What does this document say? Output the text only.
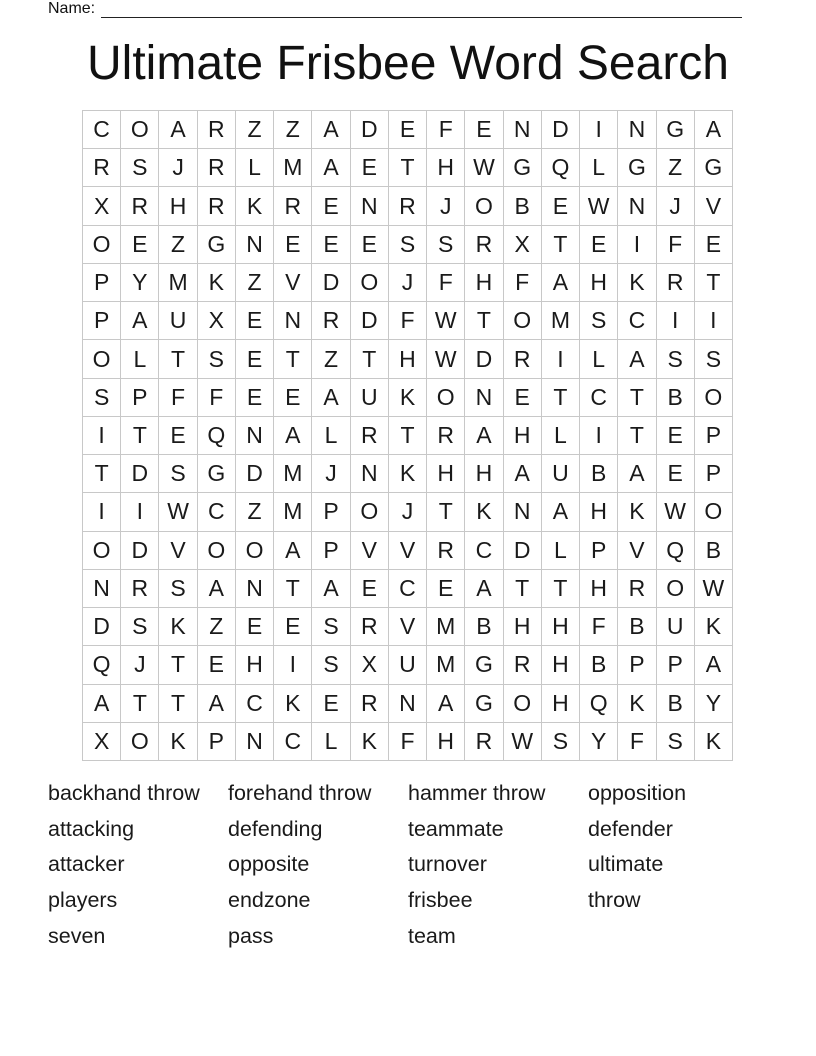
Name:
Ultimate Frisbee Word Search
C O A R Z	Z	A D E	F	E N D	I	N G A
R S	J	R	L M A E	T H W G Q L G Z G
X R H R K R E N R	J	O B E W N	J	V
O E	Z G N E E E S S R X	T	E	I	F	E
P Y M K	Z	V D O	J	F H F	A H K R T
P A U X E N R D F W T O M S C	I	I
O L	T	S E	T	Z	T H W D R	I	L	A S S
S P	F	F	E E A U K O N E	T C T	B O
I	T	E Q N A	L	R T R A H	L	I	T	E P
T D S G D M J	N K H H A U B A E P
I	I	W C Z M P O	J	T	K N A H K W O
O D V O O A P V V R C D	L	P V Q B
N R S A N T	A E C E A	T	T H R O W
D S K	Z	E E S R V M B H H F	B U K
Q	J	T	E H	I	S X U M G R H B P P A
A	T	T	A C K E R N A G O H Q K B Y
X O K P N C	L	K	F H R W S Y	F	S K
backhand throw	forehand throw	hammer throw	opposition
attacking	defending	teammate	defender
attacker	opposite	turnover	ultimate
players	endzone	frisbee	throw
seven	pass	team
